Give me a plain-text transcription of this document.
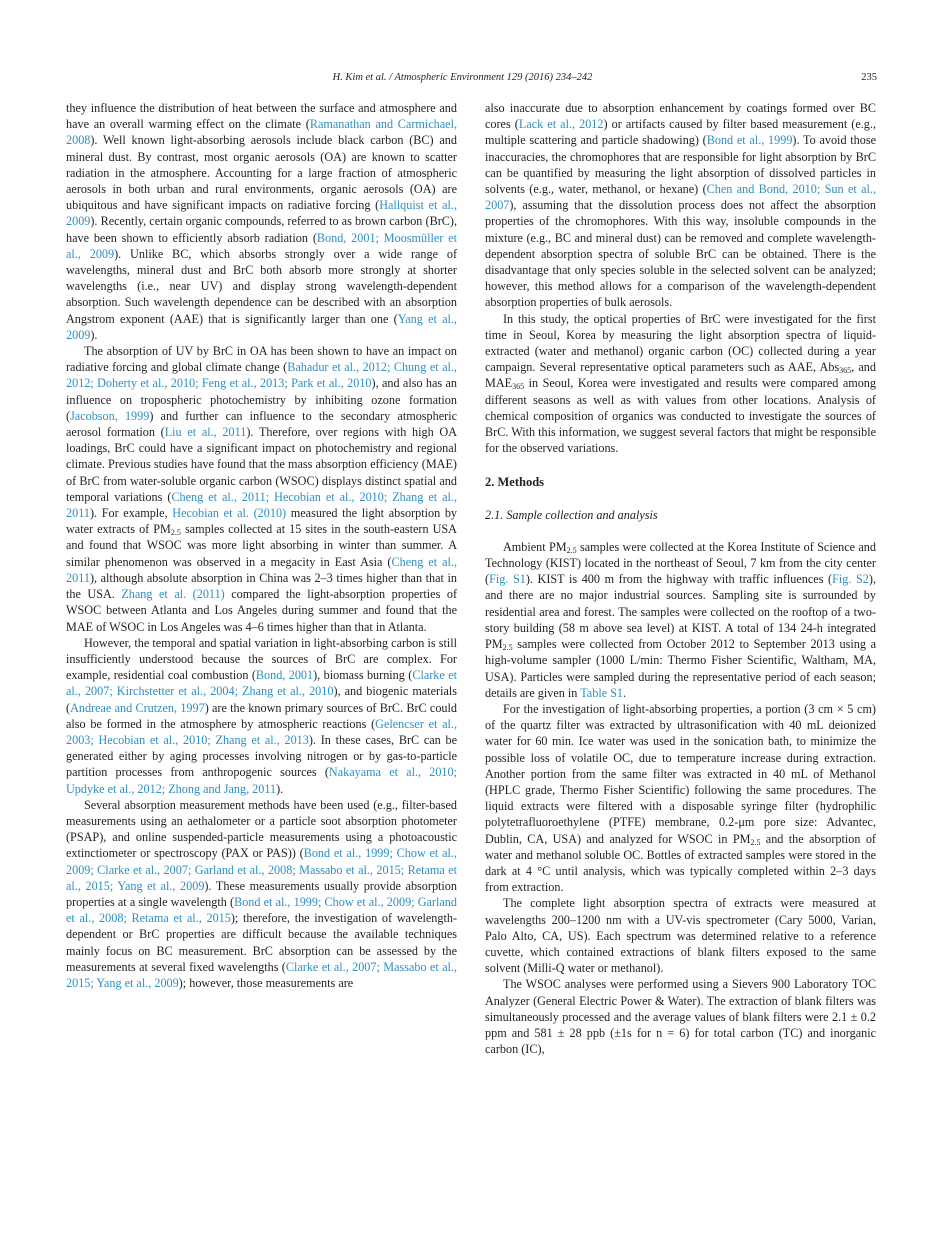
H. Kim et al. / Atmospheric Environment 129 (2016) 234–242	235

they influence the distribution of heat between the surface and atmosphere and have an overall warming effect on the climate (Ramanathan and Carmichael, 2008). Well known light-absorbing aerosols include black carbon (BC) and mineral dust. By contrast, most organic aerosols (OA) are known to scatter radiation in the atmosphere. Accounting for a large fraction of atmospheric aerosols in both urban and rural environments, organic aerosols (OA) are ubiquitous and have significant impacts on radiative forcing (Hallquist et al., 2009). Recently, certain organic compounds, referred to as brown carbon (BrC), have been shown to efficiently absorb radiation (Bond, 2001; Moosmüller et al., 2009). Unlike BC, which absorbs strongly over a wide range of wavelengths, mineral dust and BrC both absorb more strongly at shorter wavelengths (i.e., near UV) and display strong wavelength-dependent absorption. Such wavelength dependence can be described with an absorption Angstrom exponent (AAE) that is significantly larger than one (Yang et al., 2009).

The absorption of UV by BrC in OA has been shown to have an impact on radiative forcing and global climate change (Bahadur et al., 2012; Chung et al., 2012; Doherty et al., 2010; Feng et al., 2013; Park et al., 2010), and also has an influence on tropospheric photochemistry by inhibiting ozone formation (Jacobson, 1999) and further can influence to the secondary atmospheric aerosol formation (Liu et al., 2011). Therefore, over regions with high OA loadings, BrC could have a significant impact on photochemistry and regional climate. Previous studies have found that the mass absorption efficiency (MAE) of BrC from water-soluble organic carbon (WSOC) displays distinct spatial and temporal variations (Cheng et al., 2011; Hecobian et al., 2010; Zhang et al., 2011). For example, Hecobian et al. (2010) measured the light absorption by water extracts of $PM_{2.5}$ samples collected at 15 sites in the south-eastern USA and found that WSOC was more light absorbing in winter than summer. A similar phenomenon was observed in a megacity in East Asia (Cheng et al., 2011), although absolute absorption in China was 2–3 times higher than that in the USA. Zhang et al. (2011) compared the light-absorption properties of WSOC between Atlanta and Los Angeles during summer and found that the MAE of WSOC in Los Angeles was 4–6 times higher than that in Atlanta.

However, the temporal and spatial variation in light-absorbing carbon is still insufficiently understood because the sources of BrC are complex. For example, residential coal combustion (Bond, 2001), biomass burning (Clarke et al., 2007; Kirchstetter et al., 2004; Zhang et al., 2010), and biogenic materials (Andreae and Crutzen, 1997) are the known primary sources of BrC. BrC could also be formed in the atmosphere by atmospheric reactions (Gelencser et al., 2003; Hecobian et al., 2010; Zhang et al., 2013). In these cases, BrC can be generated either by aging processes involving nitrogen or by gas-to-particle partition processes from anthropogenic sources (Nakayama et al., 2010; Updyke et al., 2012; Zhong and Jang, 2011).

Several absorption measurement methods have been used (e.g., filter-based measurements using an aethalometer or a particle soot absorption photometer (PSAP), and online suspended-particle measurements using a photoacoustic extinctiometer or spectroscopy (PAX or PAS)) (Bond et al., 1999; Chow et al., 2009; Clarke et al., 2007; Garland et al., 2008; Massabo et al., 2015; Retama et al., 2015; Yang et al., 2009). These measurements usually provide absorption properties at a single wavelength (Bond et al., 1999; Chow et al., 2009; Garland et al., 2008; Retama et al., 2015); therefore, the investigation of wavelength-dependent or BrC properties are difficult because the available techniques mainly focus on BC measurement. BrC absorption can be assessed by the measurements at several fixed wavelengths (Clarke et al., 2007; Massabo et al., 2015; Yang et al., 2009); however, those measurements are

also inaccurate due to absorption enhancement by coatings formed over BC cores (Lack et al., 2012) or artifacts caused by filter based measurement (e.g., multiple scattering and particle shadowing) (Bond et al., 1999). To avoid those inaccuracies, the chromophores that are responsible for light absorption by BrC can be quantified by measuring the light absorption of dissolved particles in solvents (e.g., water, methanol, or hexane) (Chen and Bond, 2010; Sun et al., 2007), assuming that the dissolution process does not affect the absorption properties of the chromophores. With this way, insoluble compounds in the mixture (e.g., BC and mineral dust) can be removed and complete wavelength-dependent absorption spectra of soluble BrC can be obtained. There is the disadvantage that only species soluble in the selected solvent can be analyzed; however, this method allows for a comparison of the wavelength-dependent absorption properties of bulk aerosols.

In this study, the optical properties of BrC were investigated for the first time in Seoul, Korea by measuring the light absorption spectra of liquid-extracted (water and methanol) organic carbon (OC) collected during a year campaign. Several representative optical parameters such as AAE, Abs$_{365}$, and $MAE_{365}$ in Seoul, Korea were investigated and results were compared among different seasons as well as with values from other locations. Analysis of chemical composition of organics was conducted to investigate the sources of BrC. With this information, we suggest several factors that might be responsible for the observed variations.

2. Methods
2.1. Sample collection and analysis

Ambient $PM_{2.5}$ samples were collected at the Korea Institute of Science and Technology (KIST) located in the northeast of Seoul, 7 km from the city center (Fig. S1). KIST is 400 m from the highway with traffic influences (Fig. S2), and there are no major industrial sources. Sampling site is surrounded by residential area and forest. The samples were collected on the rooftop of a two-story building (58 m above sea level) at KIST. A total of 134 24-h integrated $PM_{2.5}$ samples were collected from October 2012 to September 2013 using a high-volume sampler (1000 L/min: Thermo Fisher Scientific, Waltham, MA, USA). Particles were sampled during the representative period of each season; details are given in Table S1.

For the investigation of light-absorbing properties, a portion (3 cm × 5 cm) of the quartz filter was extracted by ultrasonification with 40 mL deionized water for 60 min. Ice water was used in the sonication bath, to minimize the possible loss of volatile OC, due to temperature increase during extraction. Another portion from the same filter was extracted in 40 mL of Methanol (HPLC grade, Thermo Fisher Scientific) following the same procedures. The liquid extracts were filtered with a disposable syringe filter (hydrophilic polytetrafluoroethylene (PTFE) membrane, 0.2-μm pore size: Advantec, Dublin, CA, USA) and analyzed for WSOC in $PM_{2.5}$ and the absorption of water and methanol soluble OC. Bottles of extracted samples were stored in the dark at 4 °C until analysis, which was typically completed within 2–3 days from extraction.

The complete light absorption spectra of extracts were measured at wavelengths 200–1200 nm with a UV-vis spectrometer (Cary 5000, Varian, Palo Alto, CA, US). Each spectrum was determined relative to a reference cuvette, which contained extractions of blank filters exposed to the same solvent (Milli-Q water or methanol).

The WSOC analyses were performed using a Sievers 900 Laboratory TOC Analyzer (General Electric Power & Water). The extraction of blank filters was simultaneously processed and the average values of blank filters were 2.1 ± 0.2 ppm and 581 ± 28 ppb (±1s for n = 6) for total carbon (TC) and inorganic carbon (IC),
